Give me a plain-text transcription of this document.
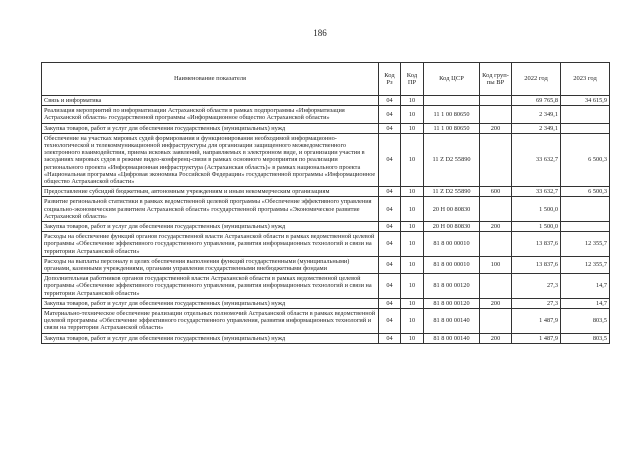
186
Наименование показателя	Код Рз	Код ПР	Код ЦСР	Код груп-пы ВР	2022 год	2023 год
Связь и информатика	04	10			69 765,8	34 615,9
Реализация мероприятий по информатизации Астраханской области в рамках подпрограммы «Информатизация Астраханской области» государственной программы «Информационное общество Астраханской области»	04	10	11 1 00 80650		2 349,1	
Закупка товаров, работ и услуг для обеспечения государственных (муниципальных) нужд	04	10	11 1 00 80650	200	2 349,1	
Обеспечение на участках мировых судей формирования и функционирования необходимой информационно-технологической и телекоммуникационной инфраструктуры для организации защищенного межведомственного электронного взаимодействия, приема исковых заявлений, направляемых в электронном виде, и организации участия в заседаниях мировых судов в режиме видео-конференц-связи в рамках основного мероприятия по реализации регионального проекта «Информационная инфраструктура (Астраханская область)» в рамках национального проекта «Национальная программа «Цифровая экономика Российской Федерации» государственной программы «Информационное общество Астраханской области»	04	10	11 Z D2 55890		33 632,7	6 500,3
Предоставление субсидий бюджетным, автономным учреждениям и иным некоммерческим организациям	04	10	11 Z D2 55890	600	33 632,7	6 500,3
Развитие региональной статистики в рамках ведомственной целевой программы «Обеспечение эффективного управления социально-экономическим развитием Астраханской области» государственной программы «Экономическое развитие Астраханской области»	04	10	20 Н 00 80830		1 500,0	
Закупка товаров, работ и услуг для обеспечения государственных (муниципальных) нужд	04	10	20 Н 00 80830	200	1 500,0	
Расходы на обеспечение функций органов государственной власти Астраханской области в рамках ведомственной целевой программы «Обеспечение эффективного государственного управления, развития информационных технологий и связи на территории Астраханской области»	04	10	81 8 00 00010		13 837,6	12 355,7
Расходы на выплаты персоналу в целях обеспечения выполнения функций государственными (муниципальными) органами, казенными учреждениями, органами управления государственными внебюджетными фондами	04	10	81 8 00 00010	100	13 837,6	12 355,7
Дополнительная работников органов государственной власти Астраханской области в рамках ведомственной целевой программы «Обеспечение эффективного государственного управления, развития информационных технологий и связи на территории Астраханской области»	04	10	81 8 00 00120		27,3	14,7
Закупка товаров, работ и услуг для обеспечения государственных (муниципальных) нужд	04	10	81 8 00 00120	200	27,3	14,7
Материально-техническое обеспечение реализации отдельных полномочий Астраханской области в рамках ведомственной целевой программы «Обеспечение эффективного государственного управления, развития информационных технологий и связи на территории Астраханской области»	04	10	81 8 00 00140		1 487,9	803,5
Закупка товаров, работ и услуг для обеспечения государственных (муниципальных) нужд	04	10	81 8 00 00140	200	1 487,9	803,5
